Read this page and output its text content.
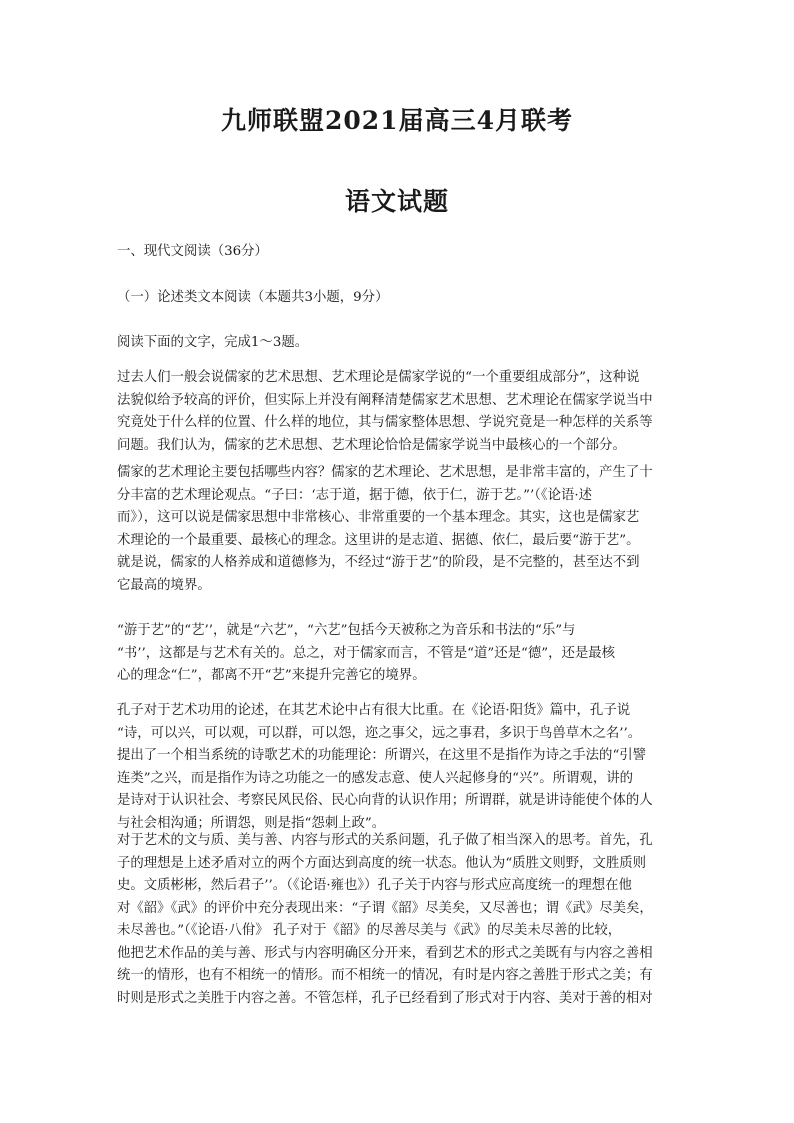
九师联盟2021届高三4月联考
语文试题

一、现代文阅读（36分）

（一）论述类文本阅读（本题共3小题，9分）

阅读下面的文字，完成1～3题。

过去人们一般会说儒家的艺术思想、艺术理论是儒家学说的“一个重要组成部分”，这种说

法貌似给予较高的评价，但实际上并没有阐释清楚儒家艺术思想、艺术理论在儒家学说当中

究竟处于什么样的位置、什么样的地位，其与儒家整体思想、学说究竟是一种怎样的关系等

问题。我们认为，儒家的艺术思想、艺术理论恰恰是儒家学说当中最核心的一个部分。

儒家的艺术理论主要包括哪些内容？儒家的艺术理论、艺术思想，是非常丰富的，产生了十

分丰富的艺术理论观点。“子曰：‘志于道，据于德，依于仁，游于艺。”’（《论语·述

而》），这可以说是儒家思想中非常核心、非常重要的一个基本理念。其实，这也是儒家艺

术理论的一个最重要、最核心的理念。这里讲的是志道、据德、依仁，最后要“游于艺”。

就是说，儒家的人格养成和道德修为，不经过“游于艺”的阶段，是不完整的，甚至达不到

它最高的境界。

“游于艺”的“艺’’，就是“六艺”，“六艺”包括今天被称之为音乐和书法的“乐”与

“书’’，这都是与艺术有关的。总之，对于儒家而言，不管是“道”还是“德”，还是最核

心的理念“仁”，都离不开“艺”来提升完善它的境界。

孔子对于艺术功用的论述，在其艺术论中占有很大比重。在《论语·阳货》篇中，孔子说

“诗，可以兴，可以观，可以群，可以怨，迩之事父，远之事君，多识于鸟兽草木之名’’。

提出了一个相当系统的诗歌艺术的功能理论：所谓兴，在这里不是指作为诗之手法的“引譬

连类”之兴，而是指作为诗之功能之一的感发志意、使人兴起修身的“兴”。所谓观，讲的

是诗对于认识社会、考察民风民俗、民心向背的认识作用；所谓群，就是讲诗能使个体的人

与社会相沟通；所谓怨，则是指“怨刺上政”。

对于艺术的文与质、美与善、内容与形式的关系问题，孔子做了相当深入的思考。首先，孔

子的理想是上述矛盾对立的两个方面达到高度的统一状态。他认为“质胜文则野，文胜质则

史。文质彬彬，然后君子’’。（《论语·雍也》）孔子关于内容与形式应高度统一的理想在他

对《韶》《武》的评价中充分表现出来：“子谓《韶》尽美矣，又尽善也；谓《武》尽美矣，

未尽善也。”（《论语·八佾》 孔子对于《韶》的尽善尽美与《武》的尽美未尽善的比较，

他把艺术作品的美与善、形式与内容明确区分开来，看到艺术的形式之美既有与内容之善相

统一的情形，也有不相统一的情形。而不相统一的情况，有时是内容之善胜于形式之美；有

时则是形式之美胜于内容之善。不管怎样，孔子已经看到了形式对于内容、美对于善的相对
